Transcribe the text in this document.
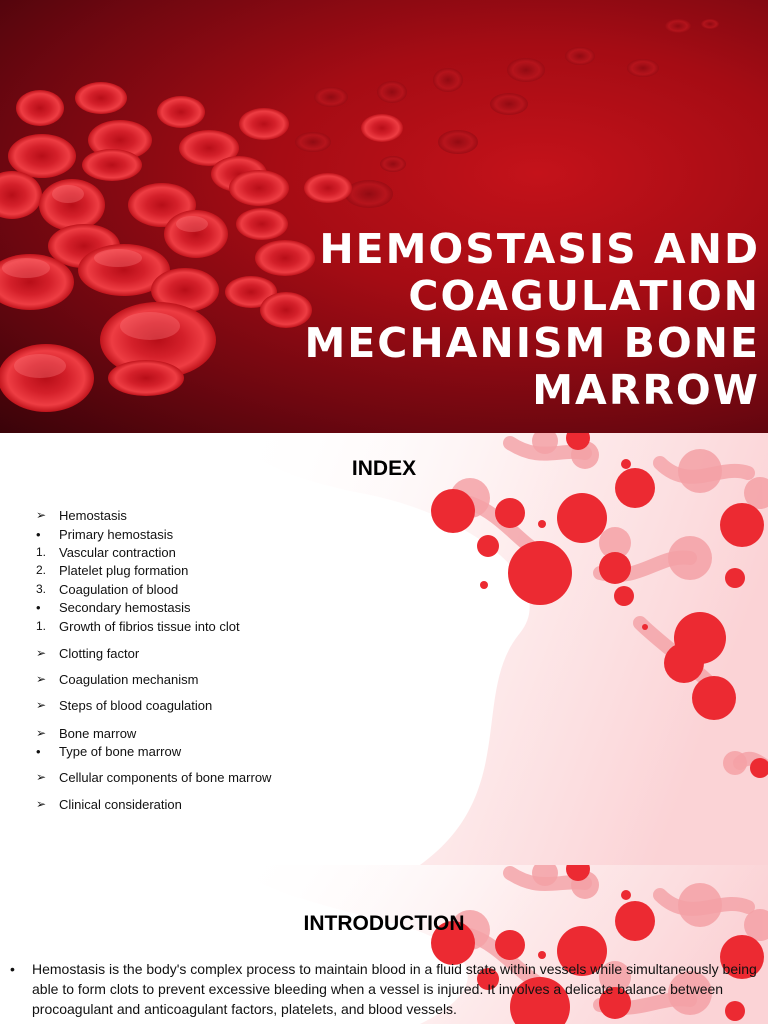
HEMOSTASIS AND COAGULATION MECHANISM BONE MARROW
INDEX
➢ Hemostasis
•	Primary hemostasis
1. Vascular contraction
2. Platelet plug formation
3. Coagulation of blood
•	Secondary hemostasis
1. Growth of fibrios tissue into clot
➢ Clotting factor
➢ Coagulation mechanism
➢ Steps of blood coagulation
➢ Bone marrow
•	Type of bone marrow
➢ Cellular components of bone marrow
➢ Clinical consideration
INTRODUCTION
• Hemostasis is the body's complex process to maintain blood in a fluid state within vessels while simultaneously being able to form clots to prevent excessive bleeding when a vessel is injured. It involves a delicate balance between procoagulant and anticoagulant factors, platelets, and blood vessels.
